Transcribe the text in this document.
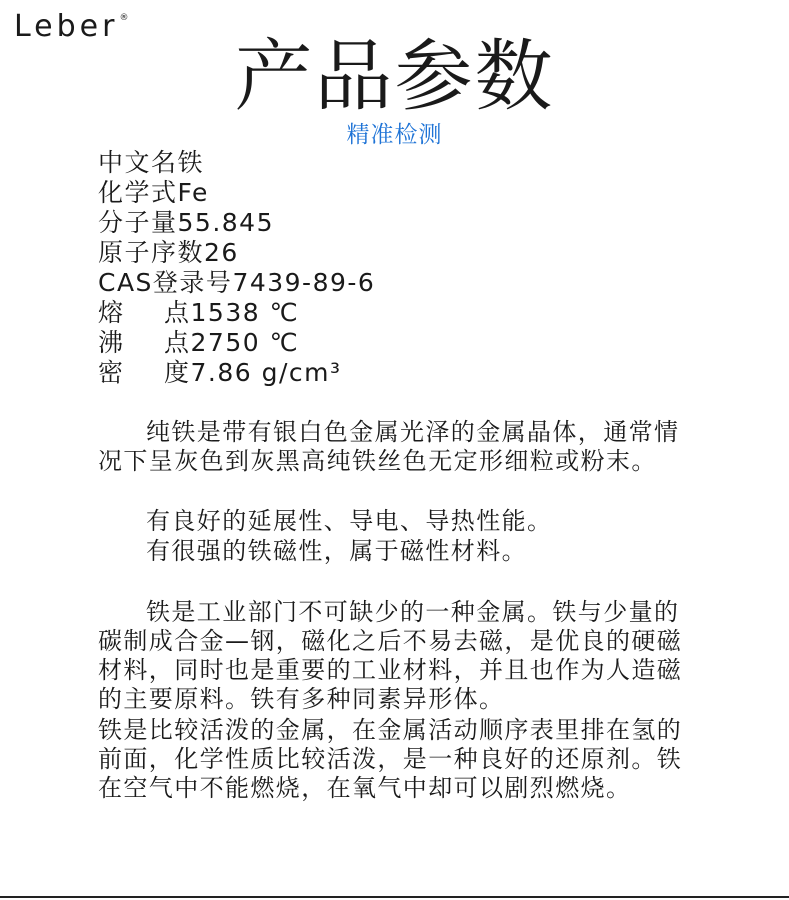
Leber®
产品参数
精准检测
中文名铁
化学式Fe
分子量55.845
原子序数26
CAS登录号7439-89-6
熔 点1538 ℃
沸 点2750 ℃
密 度7.86 g/cm³
纯铁是带有银白色金属光泽的金属晶体，通常情况下呈灰色到灰黑高纯铁丝色无定形细粒或粉末。
有良好的延展性、导电、导热性能。
有很强的铁磁性，属于磁性材料。
铁是工业部门不可缺少的一种金属。铁与少量的碳制成合金—钢，磁化之后不易去磁，是优良的硬磁材料，同时也是重要的工业材料，并且也作为人造磁的主要原料。铁有多种同素异形体。
铁是比较活泼的金属，在金属活动顺序表里排在氢的前面，化学性质比较活泼，是一种良好的还原剂。铁在空气中不能燃烧，在氧气中却可以剧烈燃烧。
